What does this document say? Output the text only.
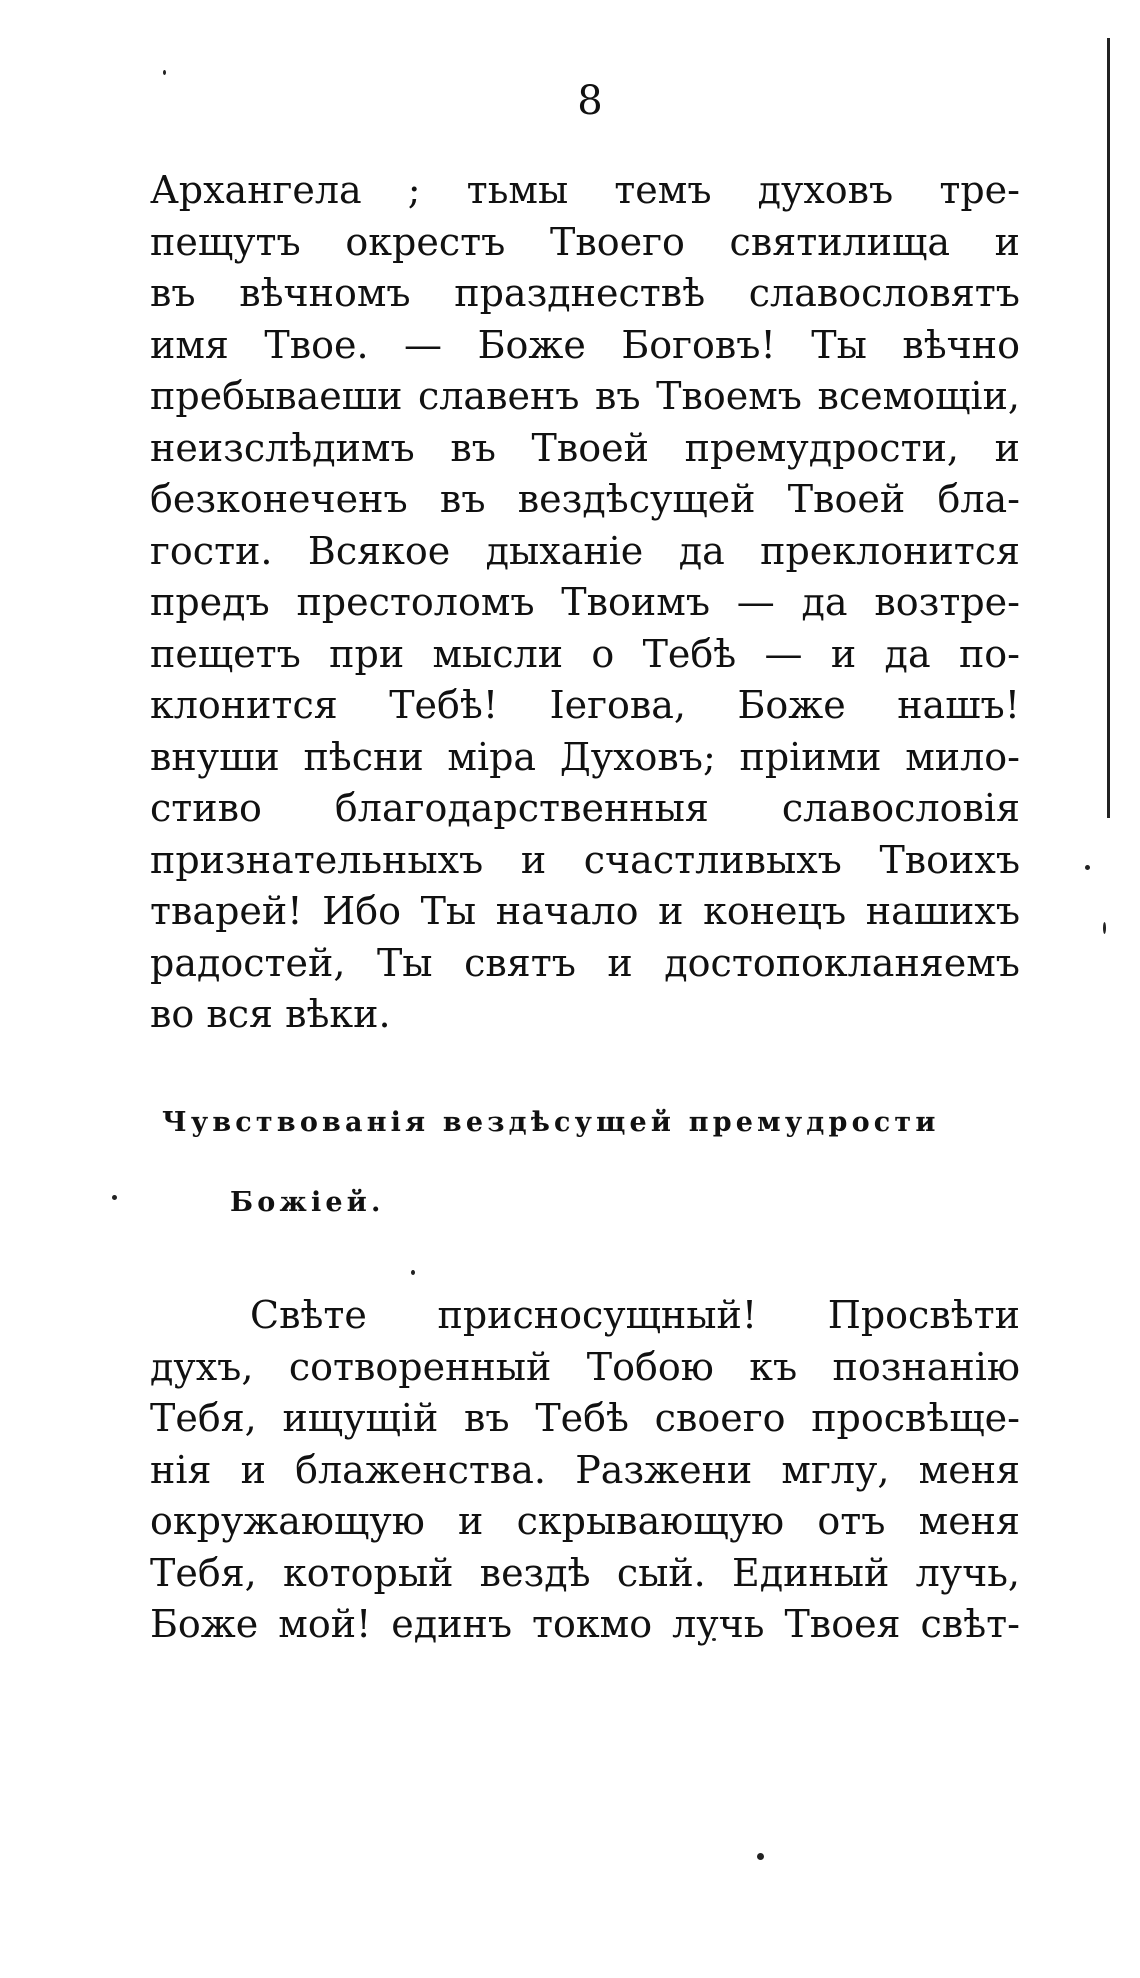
8
Архангела ; тьмы темъ духовъ тре-
пещутъ окрестъ Твоего святилища и
въ вѣчномъ празднествѣ славословятъ
имя Твое. — Боже Боговъ! Ты вѣчно
пребываеши славенъ въ Твоемъ всемощіи,
неизслѣдимъ въ Твоей премудрости, и
безконеченъ въ вездѣсущей Твоей бла-
гости. Всякое дыханіе да преклонится
предъ престоломъ Твоимъ — да возтре-
пещетъ при мысли о Тебѣ — и да по-
клонится Тебѣ! Іегова, Боже нашъ!
внуши пѣсни міра Духовъ; пріими мило-
стиво благодарственныя славословія
признательныхъ и счастливыхъ Твоихъ
тварей! Ибо Ты начало и конецъ нашихъ
радостей, Ты святъ и достопокланяемъ
во вся вѣки.
Чувствованія вездѣсущей премудрости
Божіей.
Свѣте присносущный! Просвѣти
духъ, сотворенный Тобою къ познанію
Тебя, ищущій въ Тебѣ своего просвѣще-
нія и блаженства. Разжени мглу, меня
окружающую и скрывающую отъ меня
Тебя, который вездѣ сый. Единый лучь,
Боже мой! единъ токмо лучь Твоея свѣт-
